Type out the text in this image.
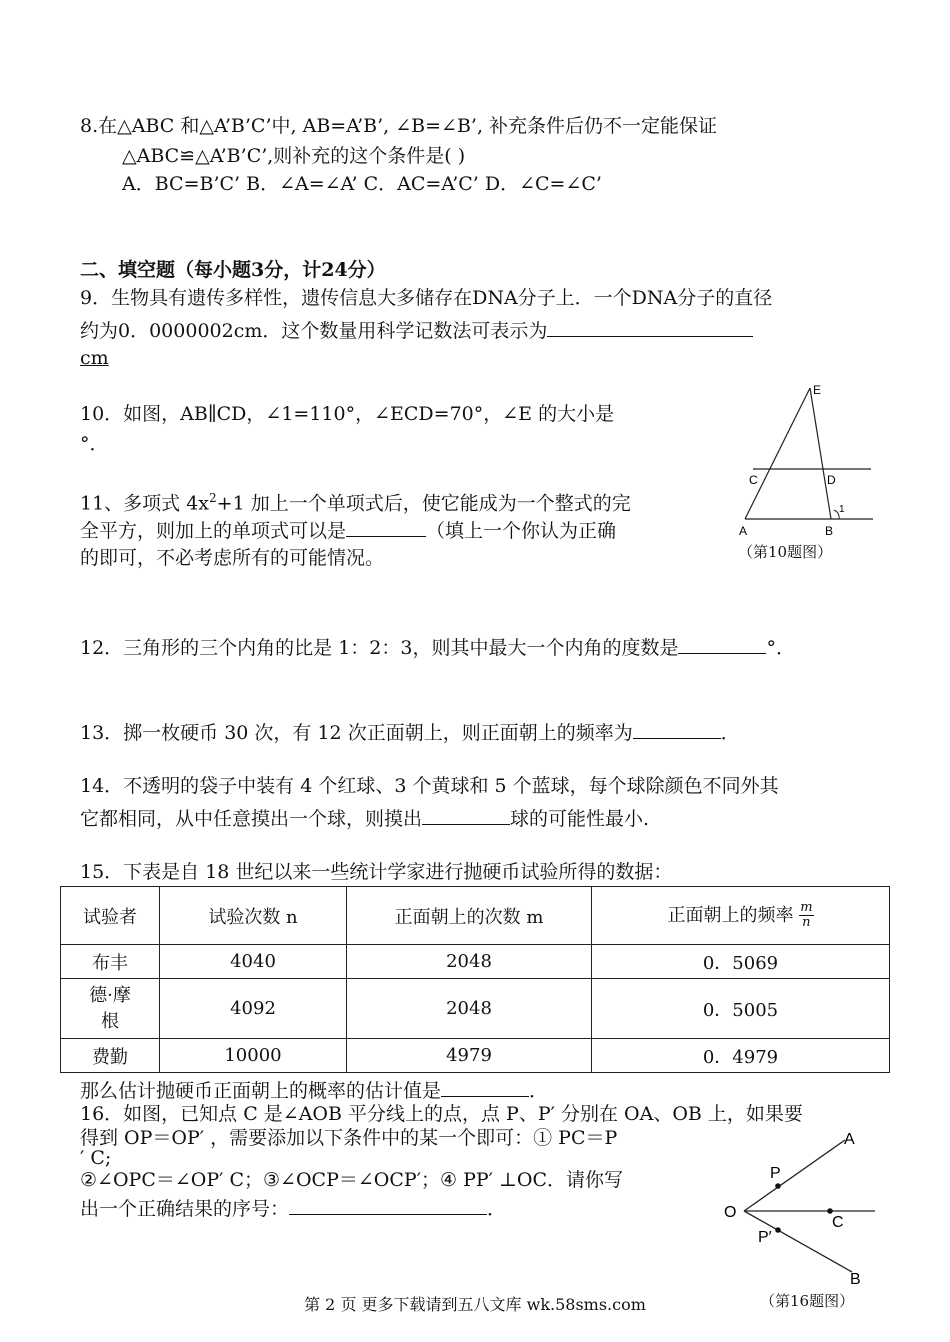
8.在△ABC 和△A’B’C’中, AB=A’B’, ∠B=∠B’, 补充条件后仍不一定能保证
△ABC≌△A’B’C’,则补充的这个条件是( )
A．BC=B’C’ B．∠A=∠A’ C．AC=A’C’ D．∠C=∠C’
二、填空题（每小题3分，计24分）
9．生物具有遗传多样性，遗传信息大多储存在DNA分子上．一个DNA分子的直径
约为0．0000002cm．这个数量用科学记数法可表示为
cm
10．如图，AB∥CD，∠1=110°，∠ECD=70°，∠E 的大小是
°．
E
C	D
A	B
1
（第10题图）
11、多项式 $4x^2+1$ 加上一个单项式后，使它能成为一个整式的完
全平方，则加上的单项式可以是	（填上一个你认为正确
的即可，不必考虑所有的可能情况。
12．三角形的三个内角的比是 1：2：3，则其中最大一个内角的度数是	°．
13．掷一枚硬币 30 次，有 12 次正面朝上，则正面朝上的频率为	．
14．不透明的袋子中装有 4 个红球、3 个黄球和 5 个蓝球，每个球除颜色不同外其
它都相同，从中任意摸出一个球，则摸出	球的可能性最小.
15．下表是自 18 世纪以来一些统计学家进行抛硬币试验所得的数据：
试验者	试验次数 n	正面朝上的次数 m	正面朝上的频率 $\frac{m}{n}$

布丰	4040	2048	0．5069

德·摩根	4092	2048	0．5005
费勤	10000	4979	0．4979
那么估计抛硬币正面朝上的概率的估计值是	．
16．如图，已知点 C 是∠AOB 平分线上的点，点 P、P′ 分别在 OA、OB 上，如果要
得到 OP＝OP′ ，需要添加以下条件中的某一个即可：① PC＝P
′ C;
②∠OPC＝∠OP′ C；③∠OCP＝∠OCP′；④ PP′ ⊥OC．请你写
出一个正确结果的序号：	．
A
P
O
C
P′
B
（第16题图）
第 2 页 更多下载请到五八文库 wk.58sms.com
